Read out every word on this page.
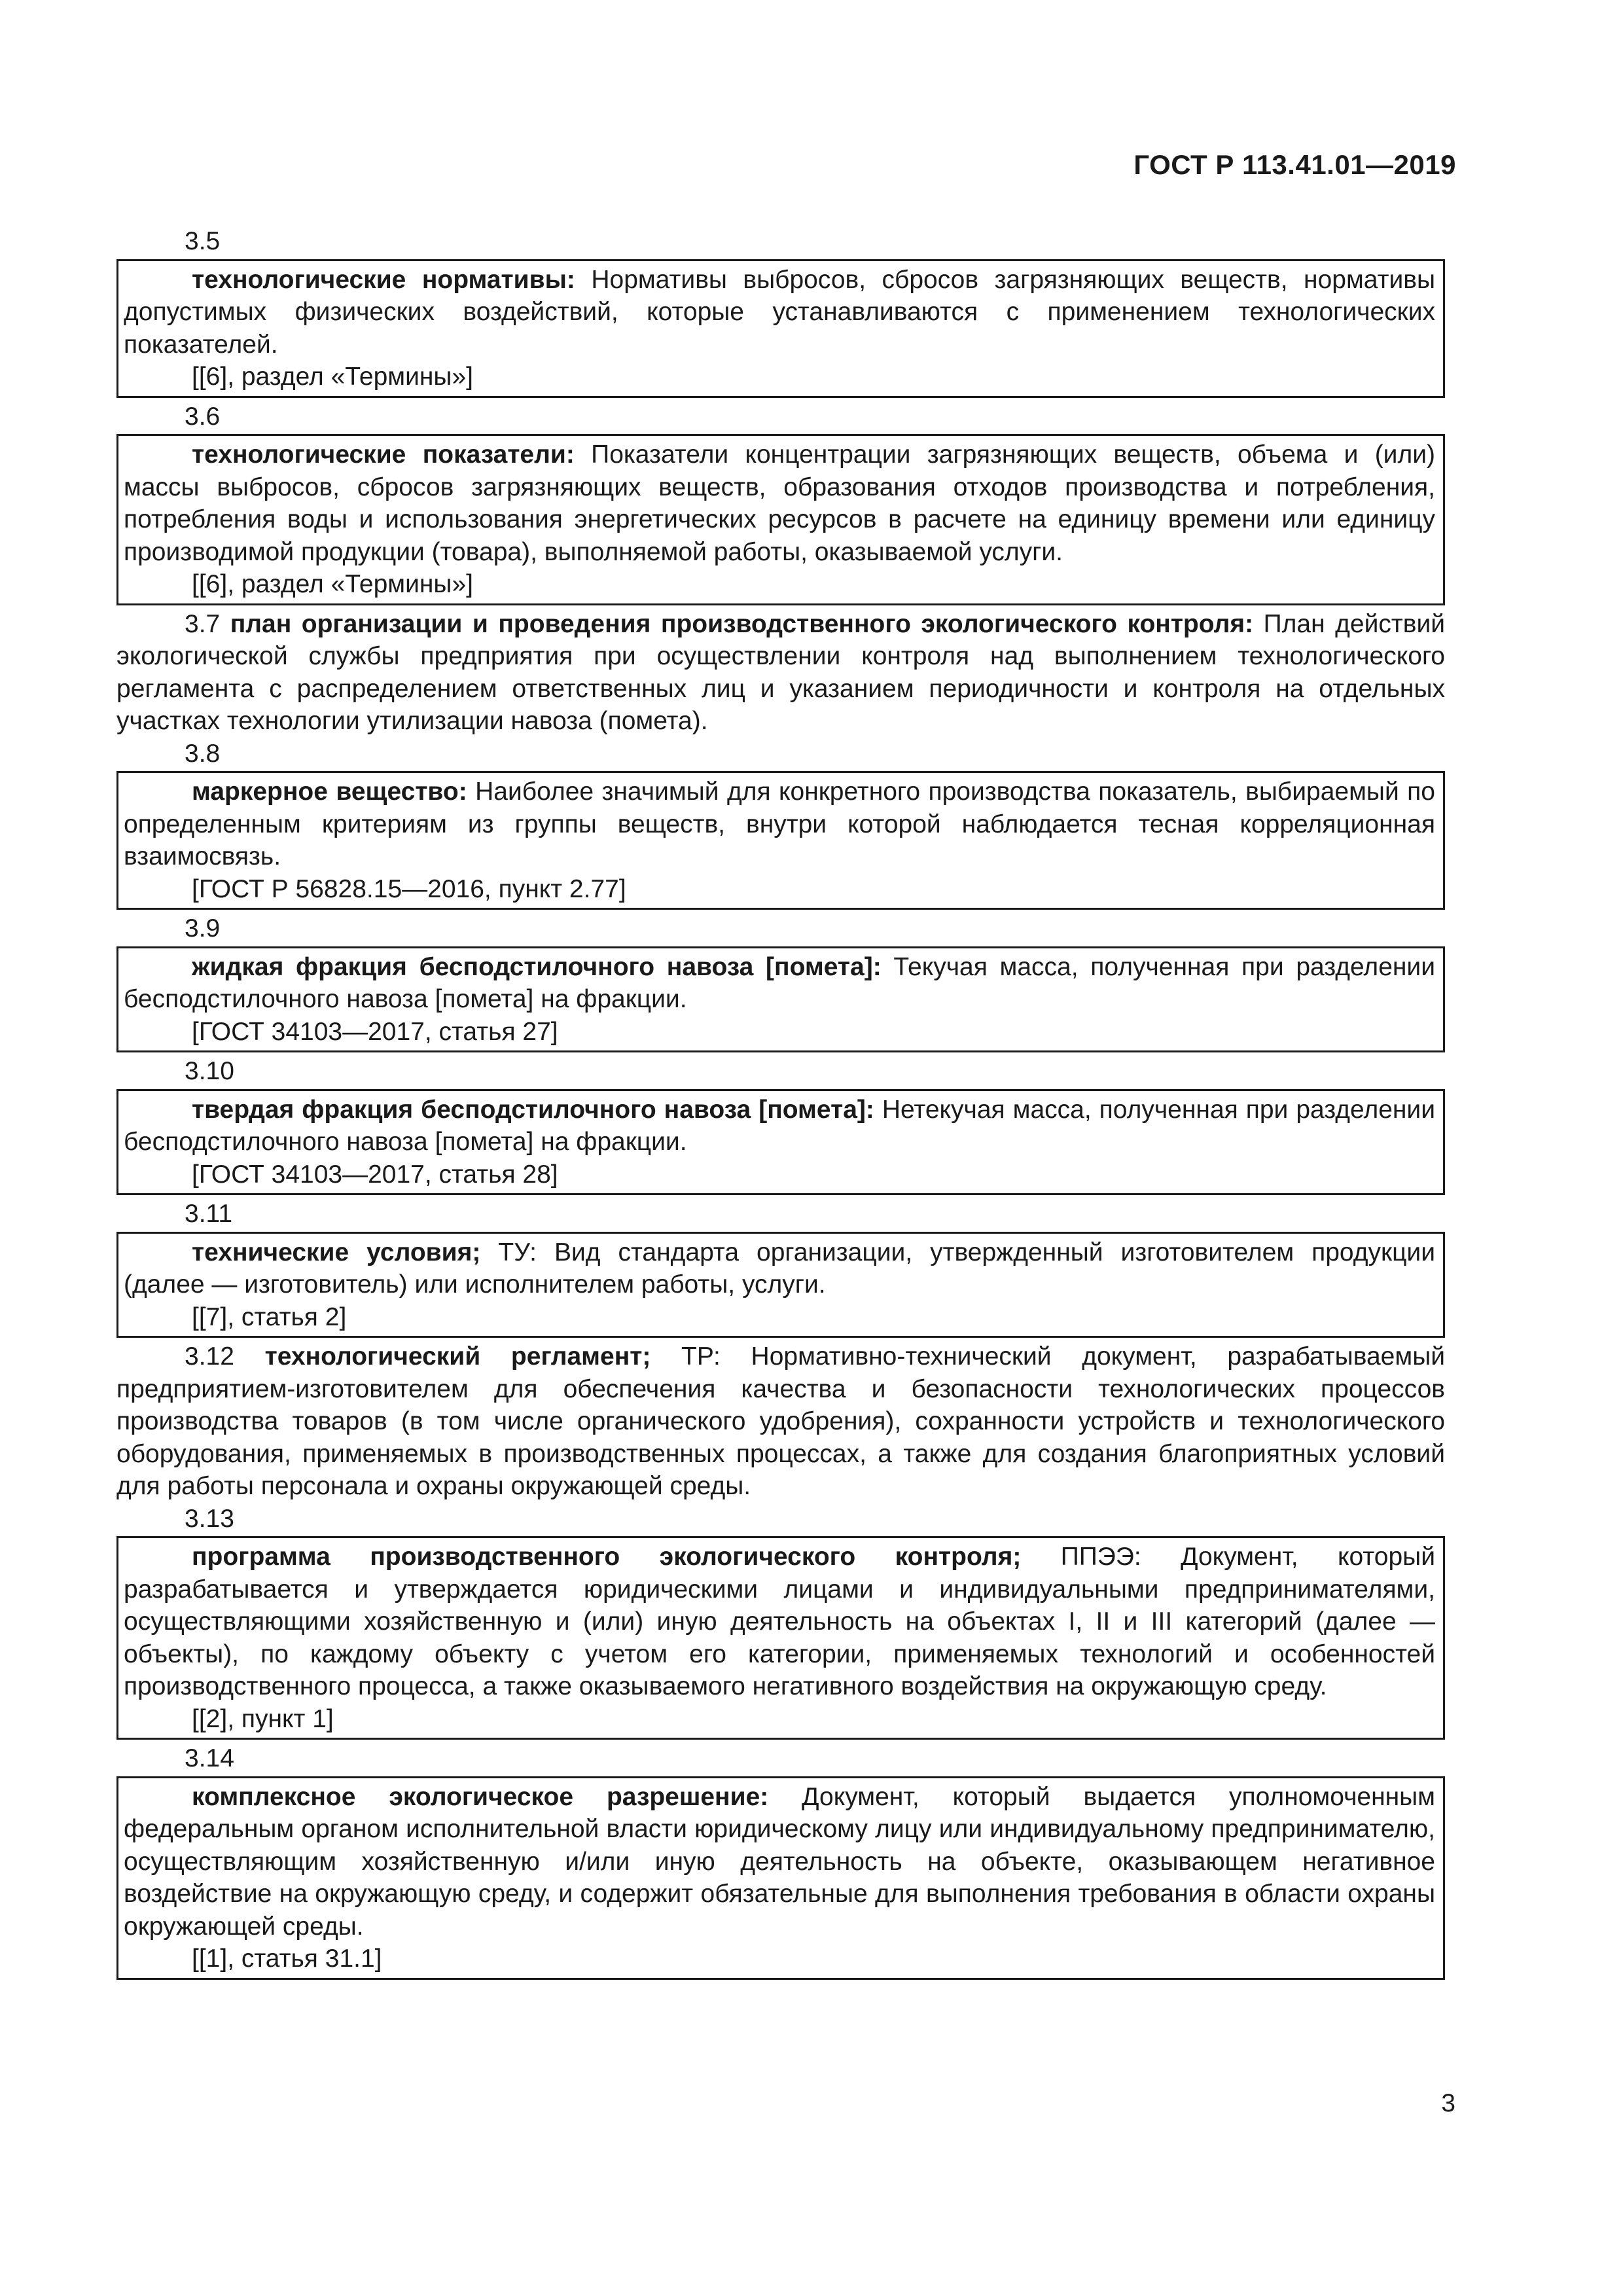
ГОСТ Р 113.41.01—2019

3.5

технологические нормативы: Нормативы выбросов, сбросов загрязняющих веществ, нормативы допустимых физических воздействий, которые устанавливаются с применением технологических показателей.

[[6], раздел «Термины»]

3.6

технологические показатели: Показатели концентрации загрязняющих веществ, объема и (или) массы выбросов, сбросов загрязняющих веществ, образования отходов производства и потребления, потребления воды и использования энергетических ресурсов в расчете на единицу времени или единицу производимой продукции (товара), выполняемой работы, оказываемой услуги.

[[6], раздел «Термины»]

3.7 план организации и проведения производственного экологического контроля: План действий экологической службы предприятия при осуществлении контроля над выполнением технологического регламента с распределением ответственных лиц и указанием периодичности и контроля на отдельных участках технологии утилизации навоза (помета).

3.8

маркерное вещество: Наиболее значимый для конкретного производства показатель, выбираемый по определенным критериям из группы веществ, внутри которой наблюдается тесная корреляционная взаимосвязь.

[ГОСТ Р 56828.15—2016, пункт 2.77]

3.9

жидкая фракция бесподстилочного навоза [помета]: Текучая масса, полученная при разделении бесподстилочного навоза [помета] на фракции.

[ГОСТ 34103—2017, статья 27]

3.10

твердая фракция бесподстилочного навоза [помета]: Нетекучая масса, полученная при разделении бесподстилочного навоза [помета] на фракции.

[ГОСТ 34103—2017, статья 28]

3.11

технические условия; ТУ: Вид стандарта организации, утвержденный изготовителем продукции (далее — изготовитель) или исполнителем работы, услуги.

[[7], статья 2]

3.12 технологический регламент; ТР: Нормативно-технический документ, разрабатываемый предприятием-изготовителем для обеспечения качества и безопасности технологических процессов производства товаров (в том числе органического удобрения), сохранности устройств и технологического оборудования, применяемых в производственных процессах, а также для создания благоприятных условий для работы персонала и охраны окружающей среды.

3.13

программа производственного экологического контроля; ППЭЭ: Документ, который разрабатывается и утверждается юридическими лицами и индивидуальными предпринимателями, осуществляющими хозяйственную и (или) иную деятельность на объектах I, II и III категорий (далее — объекты), по каждому объекту с учетом его категории, применяемых технологий и особенностей производственного процесса, а также оказываемого негативного воздействия на окружающую среду.

[[2], пункт 1]

3.14

комплексное экологическое разрешение: Документ, который выдается уполномоченным федеральным органом исполнительной власти юридическому лицу или индивидуальному предпринимателю, осуществляющим хозяйственную и/или иную деятельность на объекте, оказывающем негативное воздействие на окружающую среду, и содержит обязательные для выполнения требования в области охраны окружающей среды.

[[1], статья 31.1]

3
